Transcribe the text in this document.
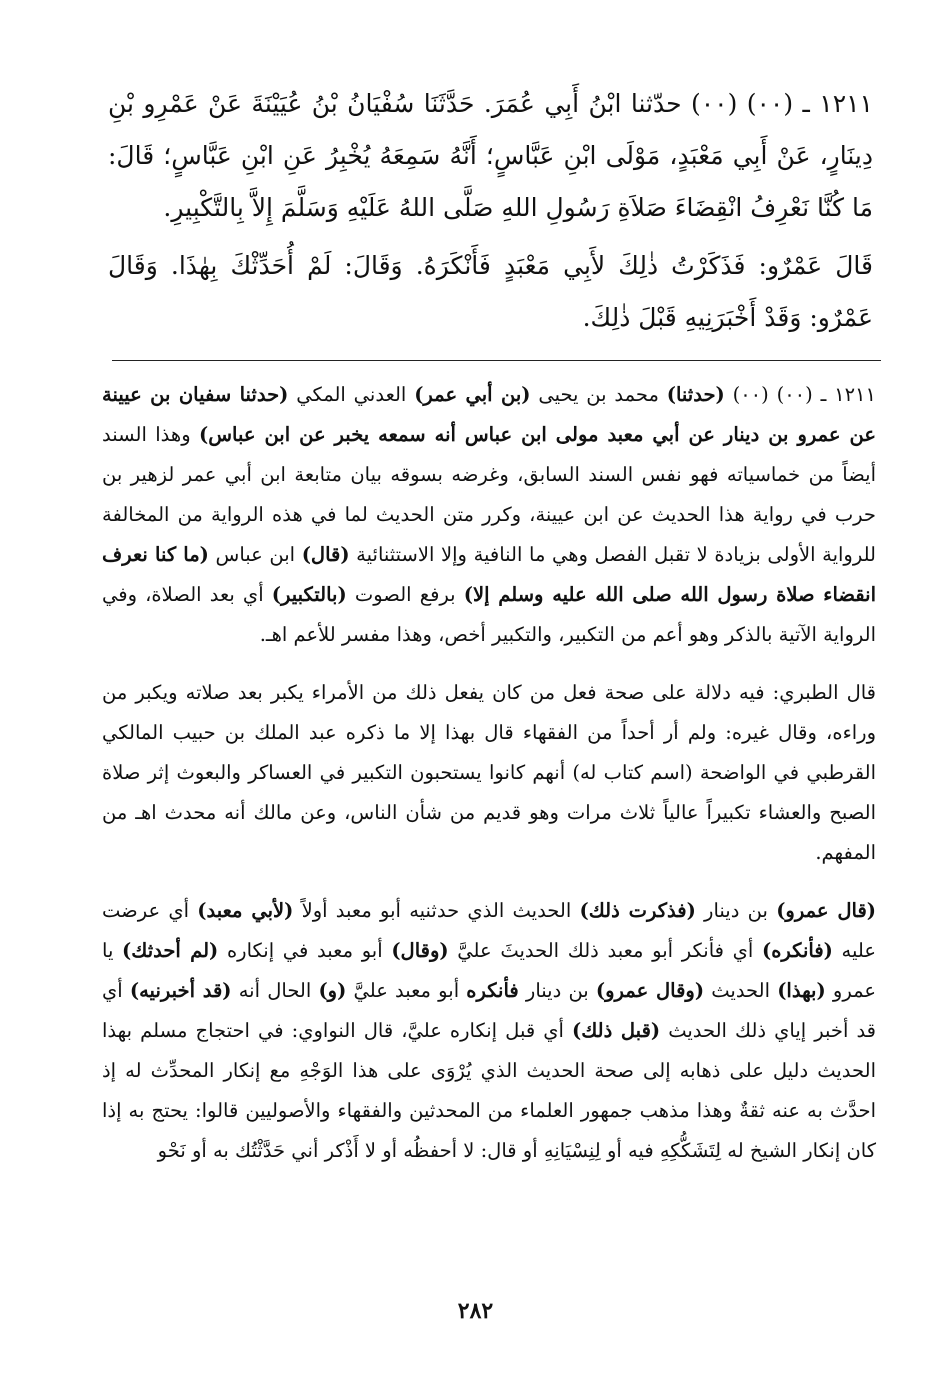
١٢١١ ـ (٠٠) (٠٠) حدّثنا ابْنُ أَبِي عُمَرَ. حَدَّثَنَا سُفْيَانُ بْنُ عُيَيْنَةَ عَنْ عَمْرِو بْنِ دِينَارٍ، عَنْ أَبِي مَعْبَدٍ، مَوْلَى ابْنِ عَبَّاسٍ؛ أَنَّهُ سَمِعَهُ يُخْبِرُ عَنِ ابْنِ عَبَّاسٍ؛ قَالَ: مَا كُنَّا نَعْرِفُ انْقِضَاءَ صَلاَةِ رَسُولِ اللهِ صَلَّى اللهُ عَلَيْهِ وَسَلَّمَ إِلاَّ بِالتَّكْبِيرِ.

قَالَ عَمْرٌو: فَذَكَرْتُ ذٰلِكَ لأَبِي مَعْبَدٍ فَأَنْكَرَهُ. وَقَالَ: لَمْ أُحَدِّثْكَ بِهٰذَا. وَقَالَ عَمْرٌو: وَقَدْ أَخْبَرَنِيهِ قَبْلَ ذٰلِكَ.

١٢١١ ـ (٠٠) (٠٠) (حدثنا) محمد بن يحيى (بن أبي عمر) العدني المكي (حدثنا سفيان بن عيينة عن عمرو بن دينار عن أبي معبد مولى ابن عباس أنه سمعه يخبر عن ابن عباس) وهذا السند أيضاً من خماسياته فهو نفس السند السابق، وغرضه بسوقه بيان متابعة ابن أبي عمر لزهير بن حرب في رواية هذا الحديث عن ابن عيينة، وكرر متن الحديث لما في هذه الرواية من المخالفة للرواية الأولى بزيادة لا تقبل الفصل وهي ما النافية وإلا الاستثنائية (قال) ابن عباس (ما كنا نعرف انقضاء صلاة رسول الله صلى الله عليه وسلم إلا) برفع الصوت (بالتكبير) أي بعد الصلاة، وفي الرواية الآتية بالذكر وهو أعم من التكبير، والتكبير أخص، وهذا مفسر للأعم اهـ.

قال الطبري: فيه دلالة على صحة فعل من كان يفعل ذلك من الأمراء يكبر بعد صلاته ويكبر من وراءه، وقال غيره: ولم أر أحداً من الفقهاء قال بهذا إلا ما ذكره عبد الملك بن حبيب المالكي القرطبي في الواضحة (اسم كتاب له) أنهم كانوا يستحبون التكبير في العساكر والبعوث إثر صلاة الصبح والعشاء تكبيراً عالياً ثلاث مرات وهو قديم من شأن الناس، وعن مالك أنه محدث اهـ من المفهم.

(قال عمرو) بن دينار (فذكرت ذلك) الحديث الذي حدثنيه أبو معبد أولاً (لأبي معبد) أي عرضت عليه (فأنكره) أي فأنكر أبو معبد ذلك الحديثَ عليَّ (وقال) أبو معبد في إنكاره (لم أحدثك) يا عمرو (بهذا) الحديث (وقال عمرو) بن دينار فأنكره أبو معبد عليَّ (و) الحال أنه (قد أخبرنيه) أي قد أخبر إياي ذلك الحديث (قبل ذلك) أي قبل إنكاره عليَّ، قال النواوي: في احتجاج مسلم بهذا الحديث دليل على ذهابه إلى صحة الحديث الذي يُرْوَى على هذا الوَجْهِ مع إنكار المحدِّث له إذ احدَّث به عنه ثقةٌ وهذا مذهب جمهور العلماء من المحدثين والفقهاء والأصوليين قالوا: يحتج به إذا كان إنكار الشيخ له لِتَشَكُّكِهِ فيه أو لِنِسْيَانِهِ أو قال: لا أحفظُه أو لا أَذْكر أني حَدَّثْتُك به أو نَحْو

٢٨٢
